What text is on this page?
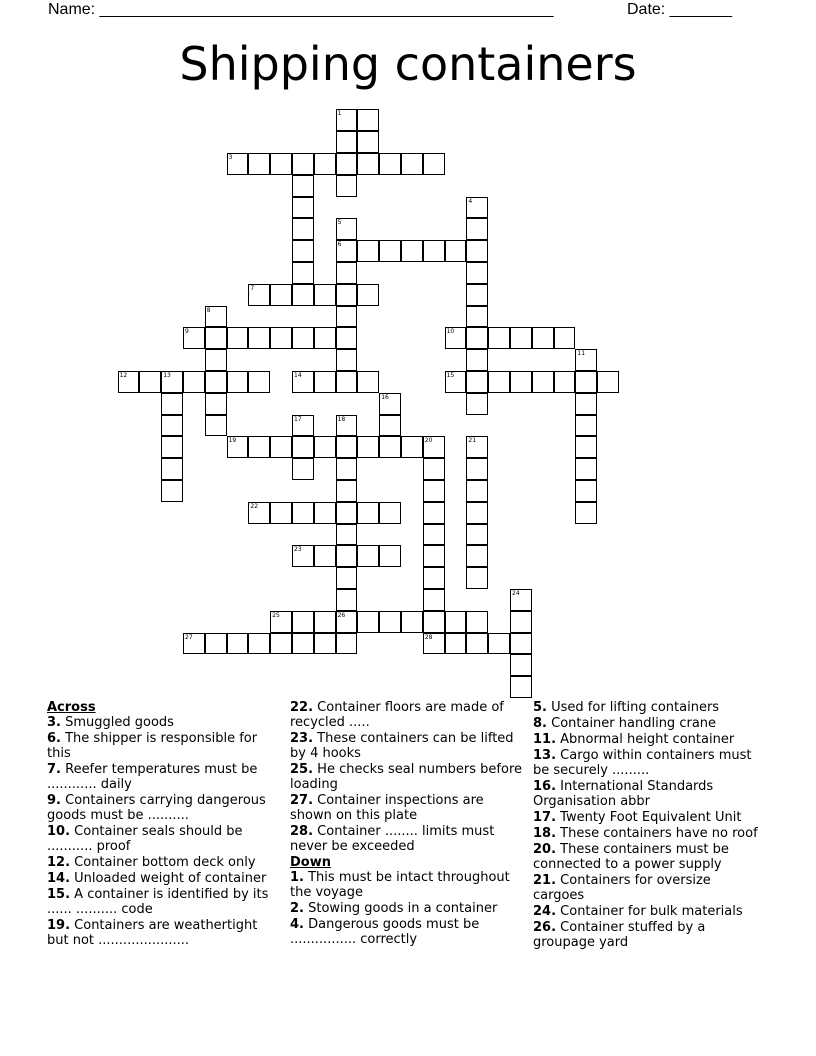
Name: ___________________________________________________	Date: _______
Shipping containers
1
3
4
5
6
7
8
9	10
11
12	13	14	15
16
17	18
19	20	21
22
23
24
25	26
27	28
Across
3. Smuggled goods
6. The shipper is responsible for this
7. Reefer temperatures must be ............ daily
9. Containers carrying dangerous goods must be ..........
10. Container seals should be ........... proof
12. Container bottom deck only
14. Unloaded weight of container
15. A container is identified by its ...... .......... code
19. Containers are weathertight but not ......................
22. Container floors are made of recycled .....
23. These containers can be lifted by 4 hooks
25. He checks seal numbers before loading
27. Container inspections are shown on this plate
28. Container ........ limits must never be exceeded
Down
1. This must be intact throughout the voyage
2. Stowing goods in a container
4. Dangerous goods must be ................ correctly
5. Used for lifting containers
8. Container handling crane
11. Abnormal height container
13. Cargo within containers must be securely .........
16. International Standards Organisation abbr
17. Twenty Foot Equivalent Unit
18. These containers have no roof
20. These containers must be connected to a power supply
21. Containers for oversize cargoes
24. Container for bulk materials
26. Container stuffed by a groupage yard
